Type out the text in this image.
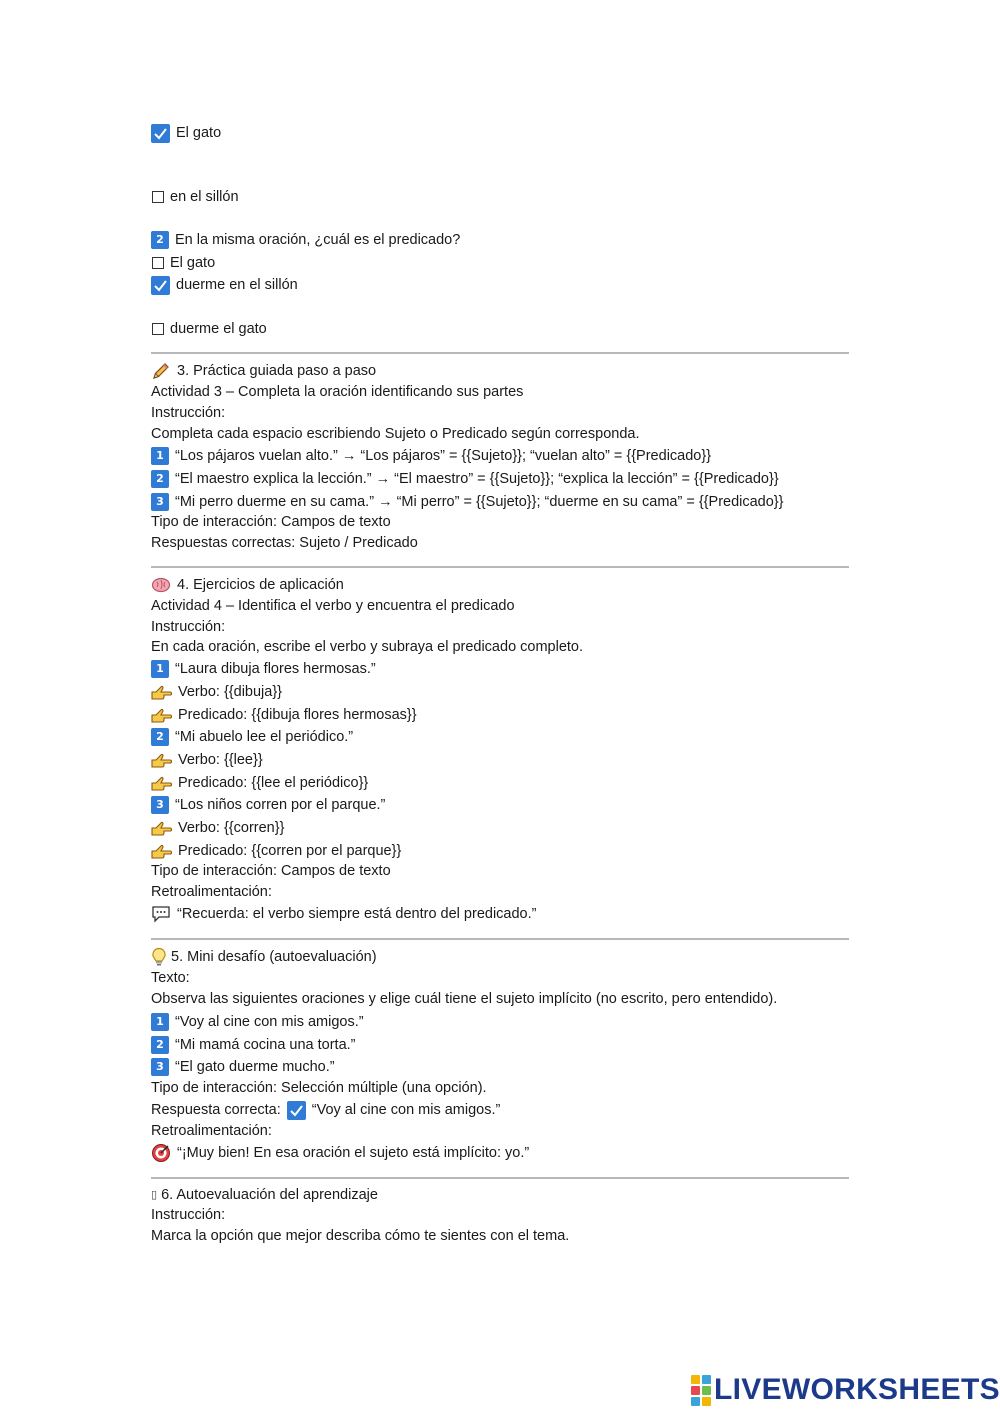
El gato
en el sillón
2 En la misma oración, ¿cuál es el predicado?
El gato
duerme en el sillón
duerme el gato
3. Práctica guiada paso a paso
Actividad 3 – Completa la oración identificando sus partes
Instrucción:
Completa cada espacio escribiendo Sujeto o Predicado según corresponda.
1 “Los pájaros vuelan alto.” → “Los pájaros” = {{Sujeto}}; “vuelan alto” = {{Predicado}}
2 “El maestro explica la lección.” → “El maestro” = {{Sujeto}}; “explica la lección” = {{Predicado}}
3 “Mi perro duerme en su cama.” → “Mi perro” = {{Sujeto}}; “duerme en su cama” = {{Predicado}}
Tipo de interacción: Campos de texto
Respuestas correctas: Sujeto / Predicado
4. Ejercicios de aplicación
Actividad 4 – Identifica el verbo y encuentra el predicado
Instrucción:
En cada oración, escribe el verbo y subraya el predicado completo.
1 “Laura dibuja flores hermosas.”
Verbo: {{dibuja}}
Predicado: {{dibuja flores hermosas}}
2 “Mi abuelo lee el periódico.”
Verbo: {{lee}}
Predicado: {{lee el periódico}}
3 “Los niños corren por el parque.”
Verbo: {{corren}}
Predicado: {{corren por el parque}}
Tipo de interacción: Campos de texto
Retroalimentación:
“Recuerda: el verbo siempre está dentro del predicado.”
5. Mini desafío (autoevaluación)
Texto:
Observa las siguientes oraciones y elige cuál tiene el sujeto implícito (no escrito, pero entendido).
1 “Voy al cine con mis amigos.”
2 “Mi mamá cocina una torta.”
3 “El gato duerme mucho.”
Tipo de interacción: Selección múltiple (una opción).
Respuesta correcta: “Voy al cine con mis amigos.”
Retroalimentación:
“¡Muy bien! En esa oración el sujeto está implícito: yo.”
▯ 6. Autoevaluación del aprendizaje
Instrucción:
Marca la opción que mejor describa cómo te sientes con el tema.
LIVEWORKSHEETS
